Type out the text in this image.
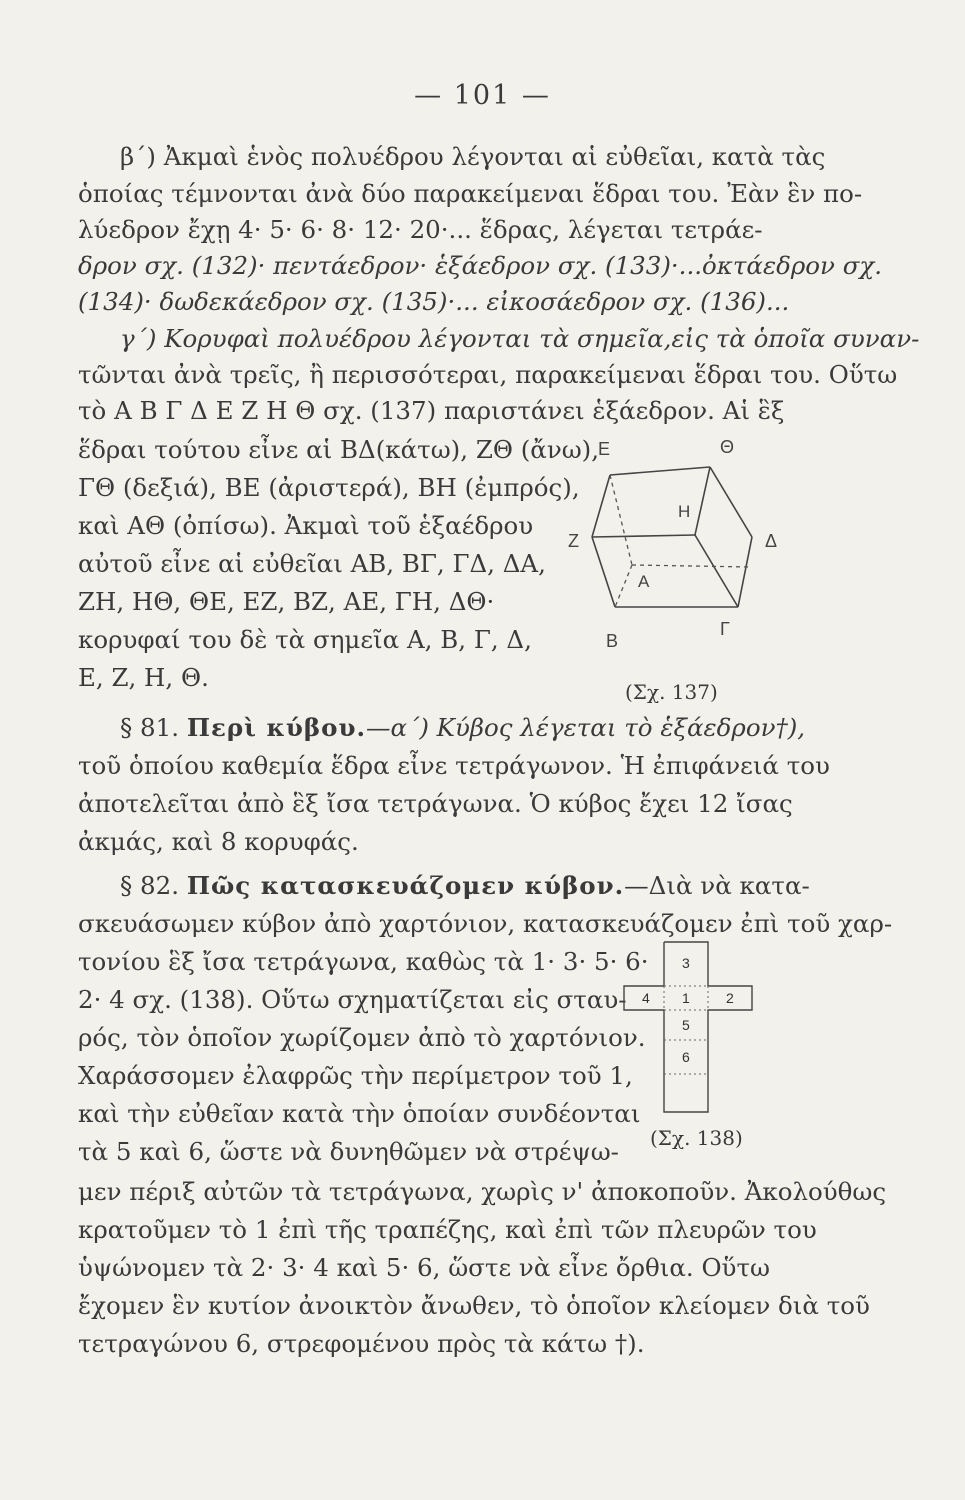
— 101 —
β΄) Ἀκμαὶ ἑνὸς πολυέδρου λέγονται αἱ εὐθεῖαι, κατὰ τὰς
ὁποίας τέμνονται ἀνὰ δύο παρακείμεναι ἕδραι του. Ἐὰν ἓν πο-
λύεδρον ἔχῃ 4· 5· 6· 8· 12· 20·... ἕδρας, λέγεται τετράε-
δρον σχ. (132)· πεντάεδρον· ἑξάεδρον σχ. (133)·...ὀκτάεδρον σχ.
(134)· δωδεκάεδρον σχ. (135)·... εἰκοσάεδρον σχ. (136)...
γ΄) Κορυφαὶ πολυέδρου λέγονται τὰ σημεῖα,εἰς τὰ ὁποῖα συναν-
τῶνται ἀνὰ τρεῖς, ἢ περισσότεραι, παρακείμεναι ἕδραι του. Οὕτω
τὸ Α Β Γ Δ Ε Ζ Η Θ σχ. (137) παριστάνει ἑξάεδρον. Αἱ ἓξ
ἕδραι τούτου εἶνε αἱ ΒΔ(κάτω), ΖΘ (ἄνω),
ΓΘ (δεξιά), ΒΕ (ἀριστερά), ΒΗ (ἐμπρός),
καὶ ΑΘ (ὀπίσω). Ἀκμαὶ τοῦ ἑξαέδρου
αὐτοῦ εἶνε αἱ εὐθεῖαι ΑΒ, ΒΓ, ΓΔ, ΔΑ,
ΖΗ, ΗΘ, ΘΕ, ΕΖ, ΒΖ, ΑΕ, ΓΗ, ΔΘ·
κορυφαί του δὲ τὰ σημεῖα Α, Β, Γ, Δ,
Ε, Ζ, Η, Θ.
Ε	Θ
Η
Ζ	Δ
Α
Β
Γ
(Σχ. 137)
§ 81. Περὶ κύβου.—α΄) Κύβος λέγεται τὸ ἑξάεδρον†),
τοῦ ὁποίου καθεμία ἕδρα εἶνε τετράγωνον. Ἡ ἐπιφάνειά του
ἀποτελεῖται ἀπὸ ἓξ ἴσα τετράγωνα. Ὁ κύβος ἔχει 12 ἴσας
ἀκμάς, καὶ 8 κορυφάς.
§ 82. Πῶς κατασκευάζομεν κύβον.—Διὰ νὰ κατα-
σκευάσωμεν κύβον ἀπὸ χαρτόνιον, κατασκευάζομεν ἐπὶ τοῦ χαρ-
τονίου ἓξ ἴσα τετράγωνα, καθὼς τὰ 1· 3· 5· 6·
2· 4 σχ. (138). Οὕτω σχηματίζεται εἰς σταυ-
ρός, τὸν ὁποῖον χωρίζομεν ἀπὸ τὸ χαρτόνιον.
Χαράσσομεν ἐλαφρῶς τὴν περίμετρον τοῦ 1,
καὶ τὴν εὐθεῖαν κατὰ τὴν ὁποίαν συνδέονται
τὰ 5 καὶ 6, ὥστε νὰ δυνηθῶμεν νὰ στρέψω-
3
4 1	2
5
6
(Σχ. 138)
μεν πέριξ αὐτῶν τὰ τετράγωνα, χωρὶς ν' ἀποκοποῦν. Ἀκολούθως
κρατοῦμεν τὸ 1 ἐπὶ τῆς τραπέζης, καὶ ἐπὶ τῶν πλευρῶν του
ὑψώνομεν τὰ 2· 3· 4 καὶ 5· 6, ὥστε νὰ εἶνε ὄρθια. Οὕτω
ἔχομεν ἓν κυτίον ἀνοικτὸν ἄνωθεν, τὸ ὁποῖον κλείομεν διὰ τοῦ
τετραγώνου 6, στρεφομένου πρὸς τὰ κάτω †).
